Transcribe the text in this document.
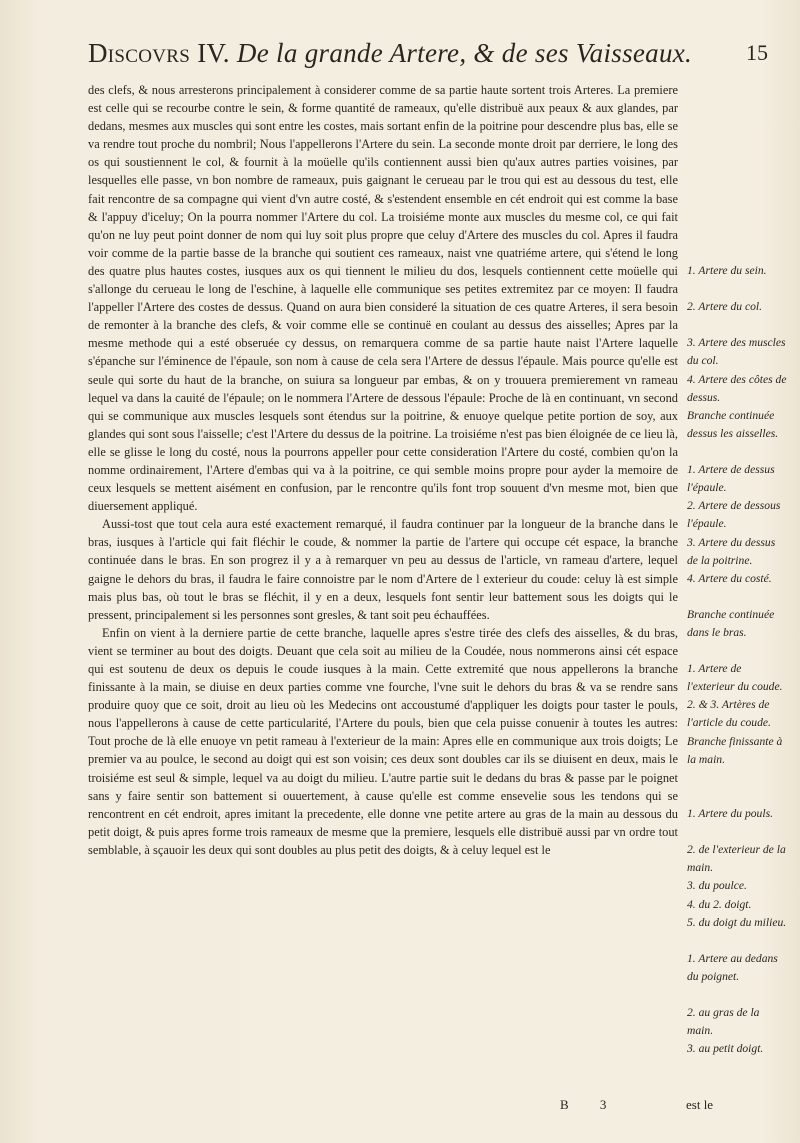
Discovrs IV. De la grande Artere, & de ses Vaisseaux. 15

des clefs, & nous arresterons principalement à considerer comme de sa partie haute sortent trois Arteres. La premiere est celle qui se recourbe contre le sein, & forme quantité de rameaux, qu'elle distribuë aux peaux & aux glandes, par dedans, mesmes aux muscles qui sont entre les costes, mais sortant enfin de la poitrine pour descendre plus bas, elle se va rendre tout proche du nombril; Nous l'appellerons l'Artere du sein. La seconde monte droit par derriere, le long des os qui soustiennent le col, & fournit à la moüelle qu'ils contiennent aussi bien qu'aux autres parties voisines, par lesquelles elle passe, vn bon nombre de rameaux, puis gaignant le cerueau par le trou qui est au dessous du test, elle fait rencontre de sa compagne qui vient d'vn autre costé, & s'estendent ensemble en cét endroit qui est comme la base & l'appuy d'iceluy; On la pourra nommer l'Artere du col. La troisiéme monte aux muscles du mesme col, ce qui fait qu'on ne luy peut point donner de nom qui luy soit plus propre que celuy d'Artere des muscles du col. Apres il faudra voir comme de la partie basse de la branche qui soutient ces rameaux, naist vne quatriéme artere, qui s'étend le long des quatre plus hautes costes, iusques aux os qui tiennent le milieu du dos, lesquels contiennent cette moüelle qui s'allonge du cerueau le long de l'eschine, à laquelle elle communique ses petites extremitez par ce moyen: Il faudra l'appeller l'Artere des costes de dessus. Quand on aura bien consideré la situation de ces quatre Arteres, il sera besoin de remonter à la branche des clefs, & voir comme elle se continuë en coulant au dessus des aisselles; Apres par la mesme methode qui a esté obseruée cy dessus, on remarquera comme de sa partie haute naist l'Artere laquelle s'épanche sur l'éminence de l'épaule, son nom à cause de cela sera l'Artere de dessus l'épaule. Mais pource qu'elle est seule qui sorte du haut de la branche, on suiura sa longueur par embas, & on y trouuera premierement vn rameau lequel va dans la cauité de l'épaule; on le nommera l'Artere de dessous l'épaule: Proche de là en continuant, vn second qui se communique aux muscles lesquels sont étendus sur la poitrine, & enuoye quelque petite portion de soy, aux glandes qui sont sous l'aisselle; c'est l'Artere du dessus de la poitrine. La troisiéme n'est pas bien éloignée de ce lieu là, elle se glisse le long du costé, nous la pourrons appeller pour cette consideration l'Artere du costé, combien qu'on la nomme ordinairement, l'Artere d'embas qui va à la poitrine, ce qui semble moins propre pour ayder la memoire de ceux lesquels se mettent aisément en confusion, par le rencontre qu'ils font trop souuent d'vn mesme mot, bien que diuersement appliqué.

Aussi-tost que tout cela aura esté exactement remarqué, il faudra continuer par la longueur de la branche dans le bras, iusques à l'article qui fait fléchir le coude, & nommer la partie de l'artere qui occupe cét espace, la branche continuée dans le bras. En son progrez il y a à remarquer vn peu au dessus de l'article, vn rameau d'artere, lequel gaigne le dehors du bras, il faudra le faire connoistre par le nom d'Artere de l exterieur du coude: celuy là est simple mais plus bas, où tout le bras se fléchit, il y en a deux, lesquels font sentir leur battement sous les doigts qui le pressent, principalement si les personnes sont gresles, & tant soit peu échauffées.

Enfin on vient à la derniere partie de cette branche, laquelle apres s'estre tirée des clefs des aisselles, & du bras, vient se terminer au bout des doigts. Deuant que cela soit au milieu de la Coudée, nous nommerons ainsi cét espace qui est soutenu de deux os depuis le coude iusques à la main. Cette extremité que nous appellerons la branche finissante à la main, se diuise en deux parties comme vne fourche, l'vne suit le dehors du bras & va se rendre sans produire quoy que ce soit, droit au lieu où les Medecins ont accoustumé d'appliquer les doigts pour taster le pouls, nous l'appellerons à cause de cette particularité, l'Artere du pouls, bien que cela puisse conuenir à toutes les autres: Tout proche de là elle enuoye vn petit rameau à l'exterieur de la main: Apres elle en communique aux trois doigts; Le premier va au poulce, le second au doigt qui est son voisin; ces deux sont doubles car ils se diuisent en deux, mais le troisiéme est seul & simple, lequel va au doigt du milieu. L'autre partie suit le dedans du bras & passe par le poignet sans y faire sentir son battement si ouuertement, à cause qu'elle est comme ensevelie sous les tendons qui se rencontrent en cét endroit, apres imitant la precedente, elle donne vne petite artere au gras de la main au dessous du petit doigt, & puis apres forme trois rameaux de mesme que la premiere, lesquels elle distribuë aussi par vn ordre tout semblable, à sçauoir les deux qui sont doubles au plus petit des doigts, & à celuy lequel est le

1. Artere du sein.
2. Artere du col.
3. Artere des muscles du col.
4. Artere des côtes de dessus.
Branche continuée dessus les aisselles.
1. Artere de dessus l'épaule.
2. Artere de dessous l'épaule.
3. Artere du dessus de la poitrine.
4. Artere du costé.
Branche continuée dans le bras.
1. Artere de l'exterieur du coude.
2. & 3. Artères de l'article du coude.
Branche finissante à la main.
1. Artere du pouls.
2. de l'exterieur de la main.
3. du poulce.
4. du 2. doigt.
5. du doigt du milieu.
1. Artere au dedans du poignet.
2. au gras de la main.
3. au petit doigt.
B 3	est le
